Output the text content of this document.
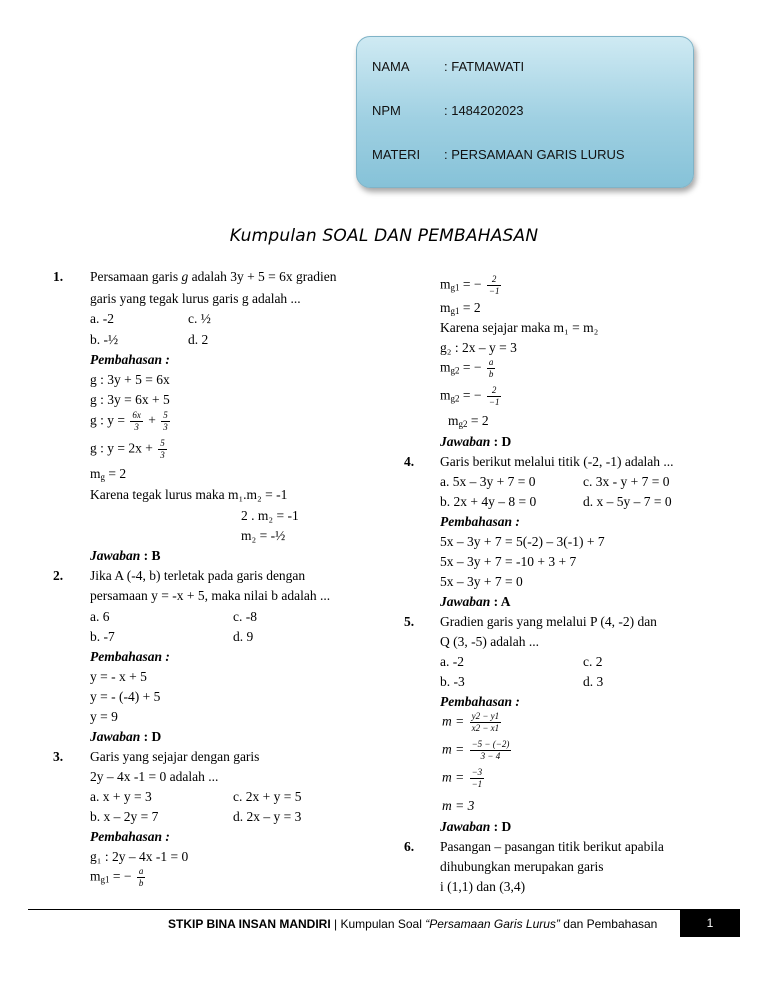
NAMA	: FATMAWATI
NPM	: 1484202023
MATERI : PERSAMAAN GARIS LURUS
Kumpulan SOAL DAN PEMBAHASAN
1. Persamaan garis g adalah 3y + 5 = 6x gradien
garis yang tegak lurus garis g adalah ...
a. -2	c. ½
b. -½	d. 2
Pembahasan :
g : 3y + 5 = 6x
g : 3y = 6x + 5
g : $y = \frac{6x}{3} + \frac{5}{3}$
g : $y = 2x + \frac{5}{3}$
$m_g = 2$
Karena tegak lurus maka m₁.m₂ = -1
2 . m₂ = -1
m₂ = -½
Jawaban : B
2. Jika A (-4, b) terletak pada garis dengan
persamaan y = -x + 5, maka nilai b adalah ...
a. 6	c. -8
b. -7	d. 9
Pembahasan :
y = - x + 5
y = - (-4) + 5
y = 9
Jawaban : D
3. Garis yang sejajar dengan garis
2y – 4x -1 = 0 adalah ...
a. x + y = 3	c. 2x + y = 5
b. x – 2y = 7	d. 2x – y = 3
Pembahasan :
g₁ : 2y – 4x -1 = 0
$m_{g1}$ = − $\frac{a}{b}$
$m_{g1}$ = − $\frac{2}{-1}$
$m_{g1} = 2$
Karena sejajar maka m₁ = m₂
g₂ : 2x – y = 3
$m_{g2}$ = − $\frac{a}{b}$
$m_{g2}$ = − $\frac{2}{-1}$
$m_{g2} = 2$
Jawaban : D
4. Garis berikut melalui titik (-2, -1) adalah ...
a. 5x – 3y + 7 = 0	c. 3x - y + 7 = 0
b. 2x + 4y – 8 = 0	d. x – 5y – 7 = 0
Pembahasan :
5x – 3y + 7 = 5(-2) – 3(-1) + 7
5x – 3y + 7 = -10 + 3 + 7
5x – 3y + 7 = 0
Jawaban : A
5. Gradien garis yang melalui P (4, -2) dan
Q (3, -5) adalah ...
a. -2	c. 2
b. -3	d. 3
Pembahasan :
$m = \frac{y2 - y1}{x2 - x1}$
$m = \frac{-5 - (-2)}{3 - 4}$
$m = \frac{-3}{-1}$
m = 3
Jawaban : D
6. Pasangan – pasangan titik berikut apabila
dihubungkan merupakan garis
i (1,1) dan (3,4)
STKIP BINA INSAN MANDIRI | Kumpulan Soal “Persamaan Garis Lurus” dan Pembahasan	1
